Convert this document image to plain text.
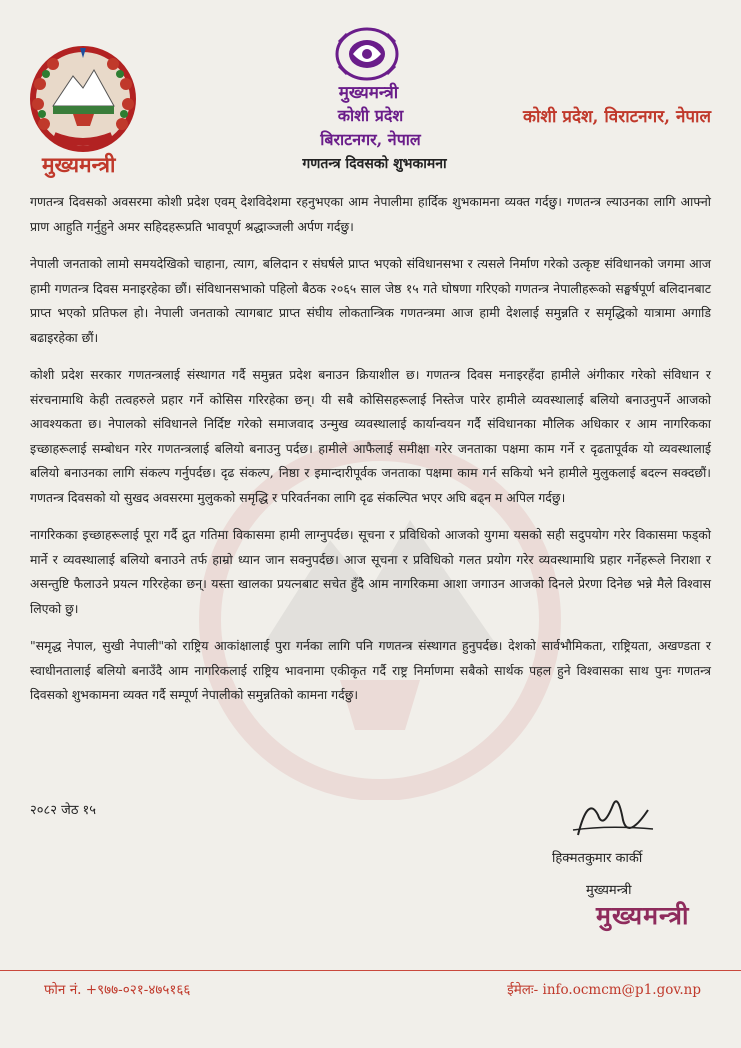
मुख्यमन्त्री
मुख्यमन्त्री
कोशी प्रदेश
बिराटनगर, नेपाल
गणतन्त्र दिवसको शुभकामना
कोशी प्रदेश, विराटनगर, नेपाल

गणतन्त्र दिवसको अवसरमा कोशी प्रदेश एवम् देशविदेशमा रहनुभएका आम नेपालीमा हार्दिक शुभकामना व्यक्त गर्दछु। गणतन्त्र ल्याउनका लागि आफ्नो प्राण आहुति गर्नुहुने अमर सहिदहरूप्रति भावपूर्ण श्रद्धाञ्जली अर्पण गर्दछु।

नेपाली जनताको लामो समयदेखिको चाहाना, त्याग, बलिदान र संघर्षले प्राप्त भएको संविधानसभा र त्यसले निर्माण गरेको उत्कृष्ट संविधानको जगमा आज हामी गणतन्त्र दिवस मनाइरहेका छौं। संविधानसभाको पहिलो बैठक २०६५ साल जेष्ठ १५ गते घोषणा गरिएको गणतन्त्र नेपालीहरूको सङ्घर्षपूर्ण बलिदानबाट प्राप्त भएको प्रतिफल हो। नेपाली जनताको त्यागबाट प्राप्त संघीय लोकतान्त्रिक गणतन्त्रमा आज हामी देशलाई समुन्नति र समृद्धिको यात्रामा अगाडि बढाइरहेका छौं।

कोशी प्रदेश सरकार गणतन्त्रलाई संस्थागत गर्दै समुन्नत प्रदेश बनाउन क्रियाशील छ। गणतन्त्र दिवस मनाइरहँदा हामीले अंगीकार गरेको संविधान र संरचनामाथि केही तत्वहरुले प्रहार गर्ने कोसिस गरिरहेका छन्। यी सबै कोसिसहरूलाई निस्तेज पारेर हामीले व्यवस्थालाई बलियो बनाउनुपर्ने आजको आवश्यकता छ। नेपालको संविधानले निर्दिष्ट गरेको समाजवाद उन्मुख व्यवस्थालाई कार्यान्वयन गर्दै संविधानका मौलिक अधिकार र आम नागरिकका इच्छाहरूलाई सम्बोधन गरेर गणतन्त्रलाई बलियो बनाउनु पर्दछ। हामीले आफैलाई समीक्षा गरेर जनताका पक्षमा काम गर्ने र दृढतापूर्वक यो व्यवस्थालाई बलियो बनाउनका लागि संकल्प गर्नुपर्दछ। दृढ संकल्प, निष्ठा र इमान्दारीपूर्वक जनताका पक्षमा काम गर्न सकियो भने हामीले मुलुकलाई बदल्न सक्दछौं। गणतन्त्र दिवसको यो सुखद अवसरमा मुलुकको समृद्धि र परिवर्तनका लागि दृढ संकल्पित भएर अघि बढ्न म अपिल गर्दछु।

नागरिकका इच्छाहरूलाई पूरा गर्दै द्रुत गतिमा विकासमा हामी लाग्नुपर्दछ। सूचना र प्रविधिको आजको युगमा यसको सही सदुपयोग गरेर विकासमा फड्को मार्ने र व्यवस्थालाई बलियो बनाउने तर्फ हाम्रो ध्यान जान सक्नुपर्दछ। आज सूचना र प्रविधिको गलत प्रयोग गरेर व्यवस्थामाथि प्रहार गर्नेहरूले निराशा र असन्तुष्टि फैलाउने प्रयत्न गरिरहेका छन्। यस्ता खालका प्रयत्नबाट सचेत हुँदै आम नागरिकमा आशा जगाउन आजको दिनले प्रेरणा दिनेछ भन्ने मैले विश्वास लिएको छु।

"समृद्ध नेपाल, सुखी नेपाली"को राष्ट्रिय आकांक्षालाई पुरा गर्नका लागि पनि गणतन्त्र संस्थागत हुनुपर्दछ। देशको सार्वभौमिकता, राष्ट्रियता, अखण्डता र स्वाधीनतालाई बलियो बनाउँदै आम नागरिकलाई राष्ट्रिय भावनामा एकीकृत गर्दै राष्ट्र निर्माणमा सबैको सार्थक पहल हुने विश्वासका साथ पुनः गणतन्त्र दिवसको शुभकामना व्यक्त गर्दै सम्पूर्ण नेपालीको समुन्नतिको कामना गर्दछु।

२०८२ जेठ १५
हिक्मतकुमार कार्की
मुख्यमन्त्री
मुख्यमन्त्री
फोन नं. +९७७-०२१-४७५१६६	ईमेलः- info.ocmcm@p1.gov.np
